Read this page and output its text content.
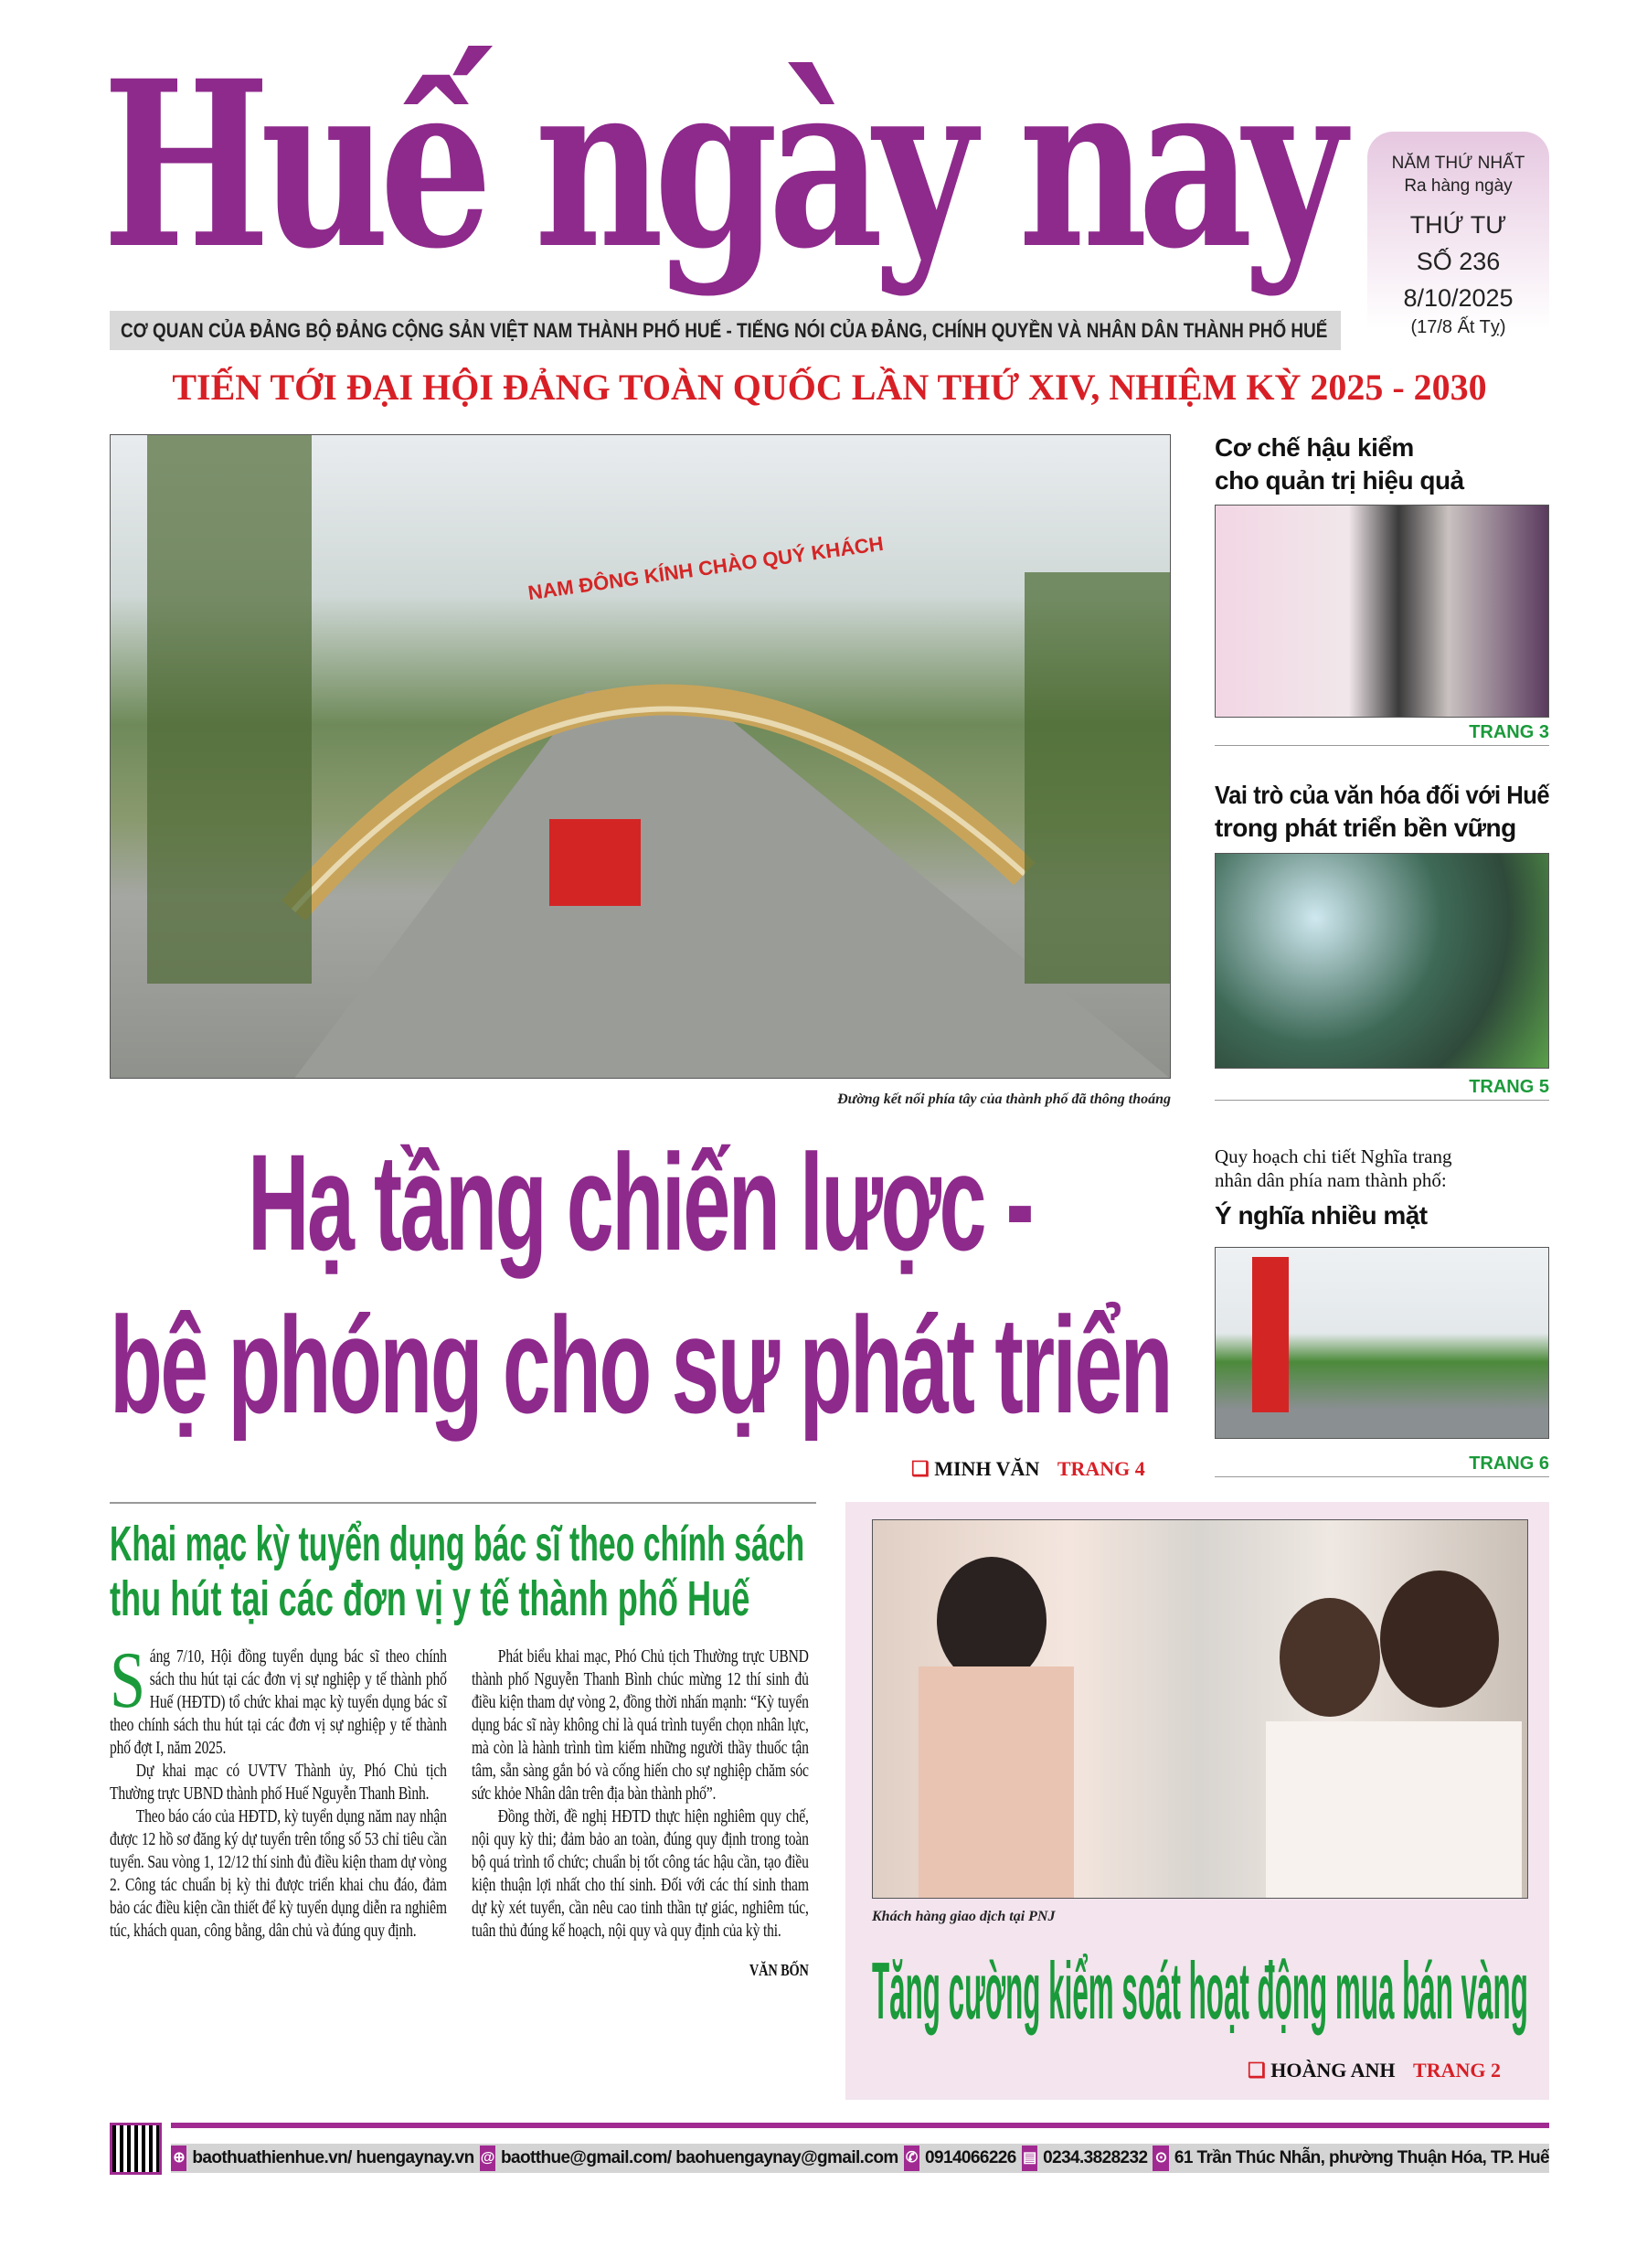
Huế ngày nay	NĂM THỨ NHẤT
Ra hàng ngày
THỨ TƯ
SỐ 236
8/10/2025
(17/8 Ất Tỵ)
CƠ QUAN CỦA ĐẢNG BỘ ĐẢNG CỘNG SẢN VIỆT NAM THÀNH PHỐ HUẾ - TIẾNG NÓI CỦA ĐẢNG, CHÍNH QUYỀN VÀ NHÂN DÂN THÀNH PHỐ HUẾ
TIẾN TỚI ĐẠI HỘI ĐẢNG TOÀN QUỐC LẦN THỨ XIV, NHIỆM KỲ 2025 - 2030
NAM ĐÔNG KÍNH CHÀO QUÝ KHÁCH
Đường kết nối phía tây của thành phố đã thông thoáng
Hạ tầng chiến lược -
bệ phóng cho sự phát triển
❑ MINH VĂN TRANG 4
Cơ chế hậu kiểm
cho quản trị hiệu quả
TRANG 3
Vai trò của văn hóa đối với Huế
trong phát triển bền vững
TRANG 5
Quy hoạch chi tiết Nghĩa trang
nhân dân phía nam thành phố:
Ý nghĩa nhiều mặt
TRANG 6
Khai mạc kỳ tuyển dụng bác sĩ theo chính sách
thu hút tại các đơn vị y tế thành phố Huế

Sáng 7/10, Hội đồng tuyển dụng bác sĩ theo chính sách thu hút tại các đơn vị sự nghiệp y tế thành phố Huế (HĐTD) tổ chức khai mạc kỳ tuyển dụng bác sĩ theo chính sách thu hút tại các đơn vị sự nghiệp y tế thành phố đợt I, năm 2025.

Dự khai mạc có UVTV Thành ủy, Phó Chủ tịch Thường trực UBND thành phố Huế Nguyễn Thanh Bình.

Theo báo cáo của HĐTD, kỳ tuyển dụng năm nay nhận được 12 hồ sơ đăng ký dự tuyển trên tổng số 53 chỉ tiêu cần tuyển. Sau vòng 1, 12/12 thí sinh đủ điều kiện tham dự vòng 2. Công tác chuẩn bị kỳ thi được triển khai chu đáo, đảm bảo các điều kiện cần thiết để kỳ tuyển dụng diễn ra nghiêm túc, khách quan, công bằng, dân chủ và đúng quy định.

Phát biểu khai mạc, Phó Chủ tịch Thường trực UBND thành phố Nguyễn Thanh Bình chúc mừng 12 thí sinh đủ điều kiện tham dự vòng 2, đồng thời nhấn mạnh: “Kỳ tuyển dụng bác sĩ này không chỉ là quá trình tuyển chọn nhân lực, mà còn là hành trình tìm kiếm những người thầy thuốc tận tâm, sẵn sàng gắn bó và cống hiến cho sự nghiệp chăm sóc sức khỏe Nhân dân trên địa bàn thành phố”.

Đồng thời, đề nghị HĐTD thực hiện nghiêm quy chế, nội quy kỳ thi; đảm bảo an toàn, đúng quy định trong toàn bộ quá trình tổ chức; chuẩn bị tốt công tác hậu cần, tạo điều kiện thuận lợi nhất cho thí sinh. Đối với các thí sinh tham dự kỳ xét tuyển, cần nêu cao tinh thần tự giác, nghiêm túc, tuân thủ đúng kế hoạch, nội quy và quy định của kỳ thi.

VĂN BỐN

Khách hàng giao dịch tại PNJ
Tăng cường kiểm soát hoạt động mua bán vàng
❑ HOÀNG ANH TRANG 2
⊕ baothuathienhue.vn/ huengaynay.vn @ baotthue@gmail.com/ baohuengaynay@gmail.com ✆ 0914066226 ▤ 0234.3828232 ⊙ 61 Trần Thúc Nhẫn, phường Thuận Hóa, TP. Huế
